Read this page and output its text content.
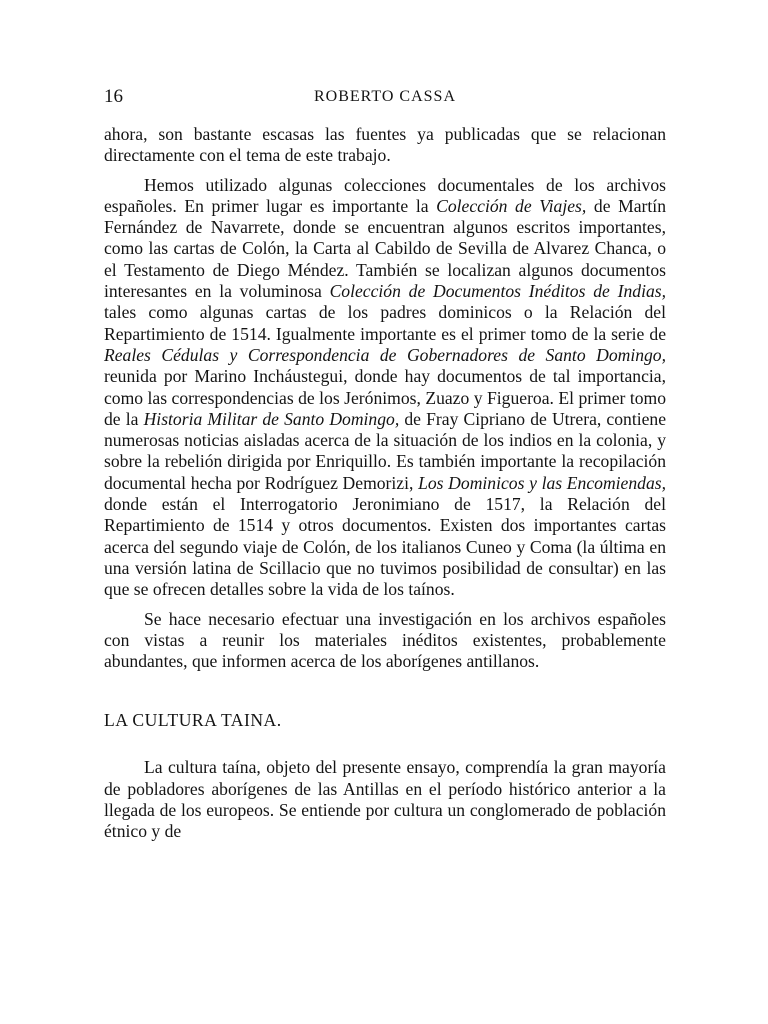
16	ROBERTO CASSA

ahora, son bastante escasas las fuentes ya publicadas que se relacionan directamente con el tema de este trabajo.

Hemos utilizado algunas colecciones documentales de los archivos españoles. En primer lugar es importante la Colección de Viajes, de Martín Fernández de Navarrete, donde se encuentran algunos escritos importantes, como las cartas de Colón, la Carta al Cabildo de Sevilla de Alvarez Chanca, o el Testamento de Diego Méndez. También se localizan algunos documentos interesantes en la voluminosa Colección de Documentos Inéditos de Indias, tales como algunas cartas de los padres dominicos o la Relación del Repartimiento de 1514. Igualmente importante es el primer tomo de la serie de Reales Cédulas y Correspondencia de Gobernadores de Santo Domingo, reunida por Marino Incháustegui, donde hay documentos de tal importancia, como las correspondencias de los Jerónimos, Zuazo y Figueroa. El primer tomo de la Historia Militar de Santo Domingo, de Fray Cipriano de Utrera, contiene numerosas noticias aisladas acerca de la situación de los indios en la colonia, y sobre la rebelión dirigida por Enriquillo. Es también importante la recopilación documental hecha por Rodríguez Demorizi, Los Dominicos y las Encomiendas, donde están el Interrogatorio Jeronimiano de 1517, la Relación del Repartimiento de 1514 y otros documentos. Existen dos importantes cartas acerca del segundo viaje de Colón, de los italianos Cuneo y Coma (la última en una versión latina de Scillacio que no tuvimos posibilidad de consultar) en las que se ofrecen detalles sobre la vida de los taínos.

Se hace necesario efectuar una investigación en los archivos españoles con vistas a reunir los materiales inéditos existentes, probablemente abundantes, que informen acerca de los aborígenes antillanos.

LA CULTURA TAINA.

La cultura taína, objeto del presente ensayo, comprendía la gran mayoría de pobladores aborígenes de las Antillas en el período histórico anterior a la llegada de los europeos. Se entiende por cultura un conglomerado de población étnico y de
